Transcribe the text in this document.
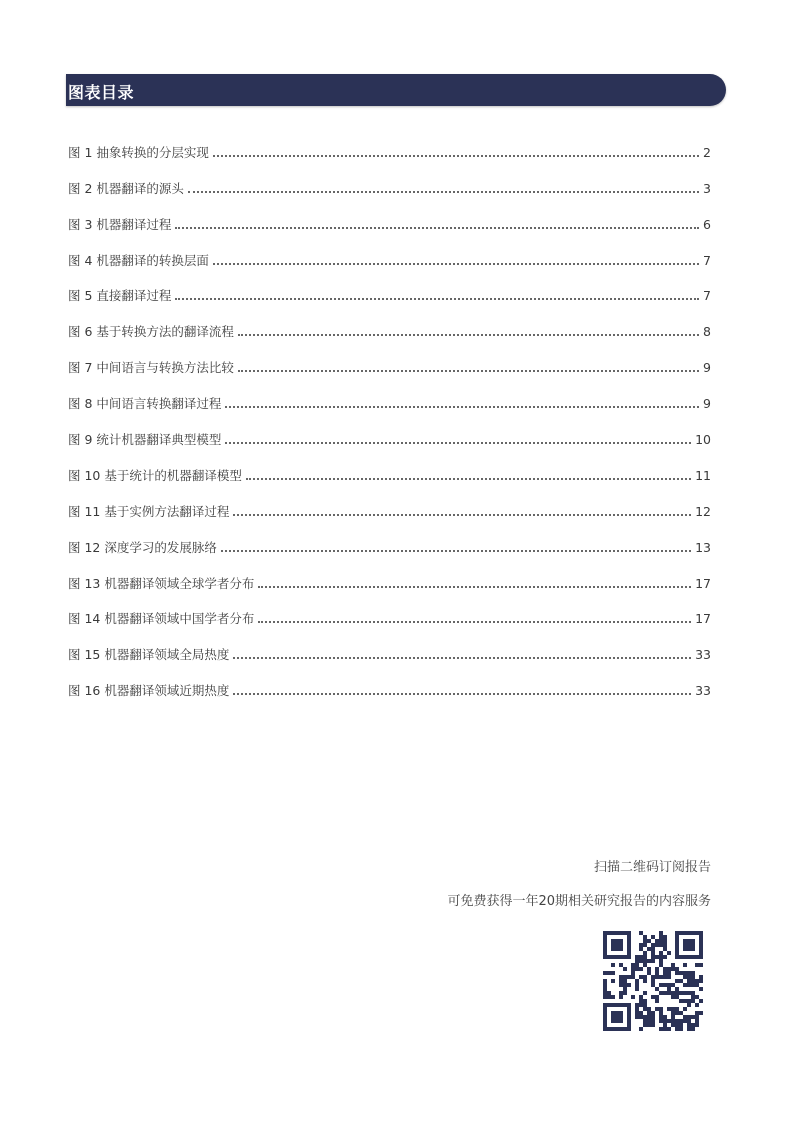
图表目录
图 1 抽象转换的分层实现	2
图 2 机器翻译的源头	3
图 3 机器翻译过程	6
图 4 机器翻译的转换层面	7
图 5 直接翻译过程	7
图 6 基于转换方法的翻译流程	8
图 7 中间语言与转换方法比较	9
图 8 中间语言转换翻译过程	9
图 9 统计机器翻译典型模型	10
图 10 基于统计的机器翻译模型	11
图 11 基于实例方法翻译过程	12
图 12 深度学习的发展脉络	13
图 13 机器翻译领域全球学者分布	17
图 14 机器翻译领域中国学者分布	17
图 15 机器翻译领域全局热度	33
图 16 机器翻译领域近期热度	33
扫描二维码订阅报告
可免费获得一年20期相关研究报告的内容服务
